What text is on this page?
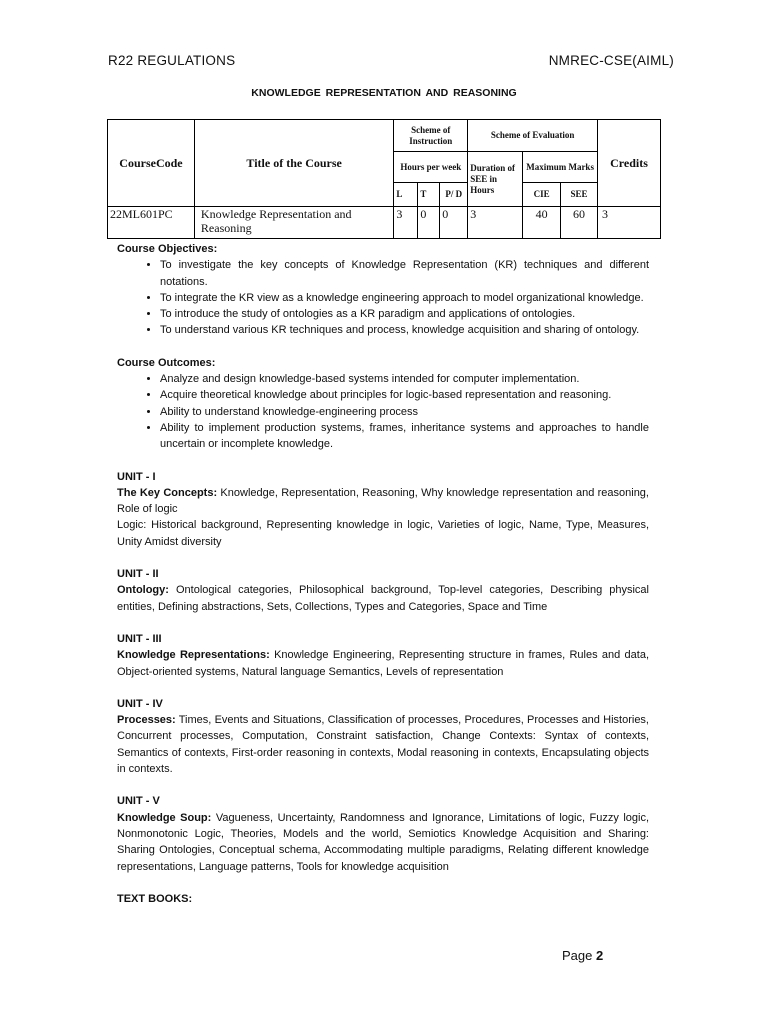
R22 REGULATIONS	NMREC-CSE(AIML)
KNOWLEDGE REPRESENTATION AND REASONING
CourseCode	Title of the Course	Scheme of Instruction			Scheme of Evaluation			Credits
		Hours per week			Duration of SEE in Hours	Maximum Marks		
		L	T	P/ D		CIE	SEE	
22ML601PC	Knowledge Representation and Reasoning	3	0	0	3	40	60	3

Course Objectives:

• To investigate the key concepts of Knowledge Representation (KR) techniques and different notations.
• To integrate the KR view as a knowledge engineering approach to model organizational knowledge.
• To introduce the study of ontologies as a KR paradigm and applications of ontologies.
• To understand various KR techniques and process, knowledge acquisition and sharing of ontology.

Course Outcomes:

• Analyze and design knowledge-based systems intended for computer implementation.
• Acquire theoretical knowledge about principles for logic-based representation and reasoning.
• Ability to understand knowledge-engineering process
• Ability to implement production systems, frames, inheritance systems and approaches to handle uncertain or incomplete knowledge.

UNIT - I

The Key Concepts: Knowledge, Representation, Reasoning, Why knowledge representation and reasoning, Role of logic

Logic: Historical background, Representing knowledge in logic, Varieties of logic, Name, Type, Measures, Unity Amidst diversity

UNIT - II

Ontology: Ontological categories, Philosophical background, Top-level categories, Describing physical entities, Defining abstractions, Sets, Collections, Types and Categories, Space and Time

UNIT - III

Knowledge Representations: Knowledge Engineering, Representing structure in frames, Rules and data, Object-oriented systems, Natural language Semantics, Levels of representation

UNIT - IV

Processes: Times, Events and Situations, Classification of processes, Procedures, Processes and Histories, Concurrent processes, Computation, Constraint satisfaction, Change Contexts: Syntax of contexts, Semantics of contexts, First-order reasoning in contexts, Modal reasoning in contexts, Encapsulating objects in contexts.

UNIT - V

Knowledge Soup: Vagueness, Uncertainty, Randomness and Ignorance, Limitations of logic, Fuzzy logic, Nonmonotonic Logic, Theories, Models and the world, Semiotics Knowledge Acquisition and Sharing: Sharing Ontologies, Conceptual schema, Accommodating multiple paradigms, Relating different knowledge representations, Language patterns, Tools for knowledge acquisition

TEXT BOOKS:

Page 2
